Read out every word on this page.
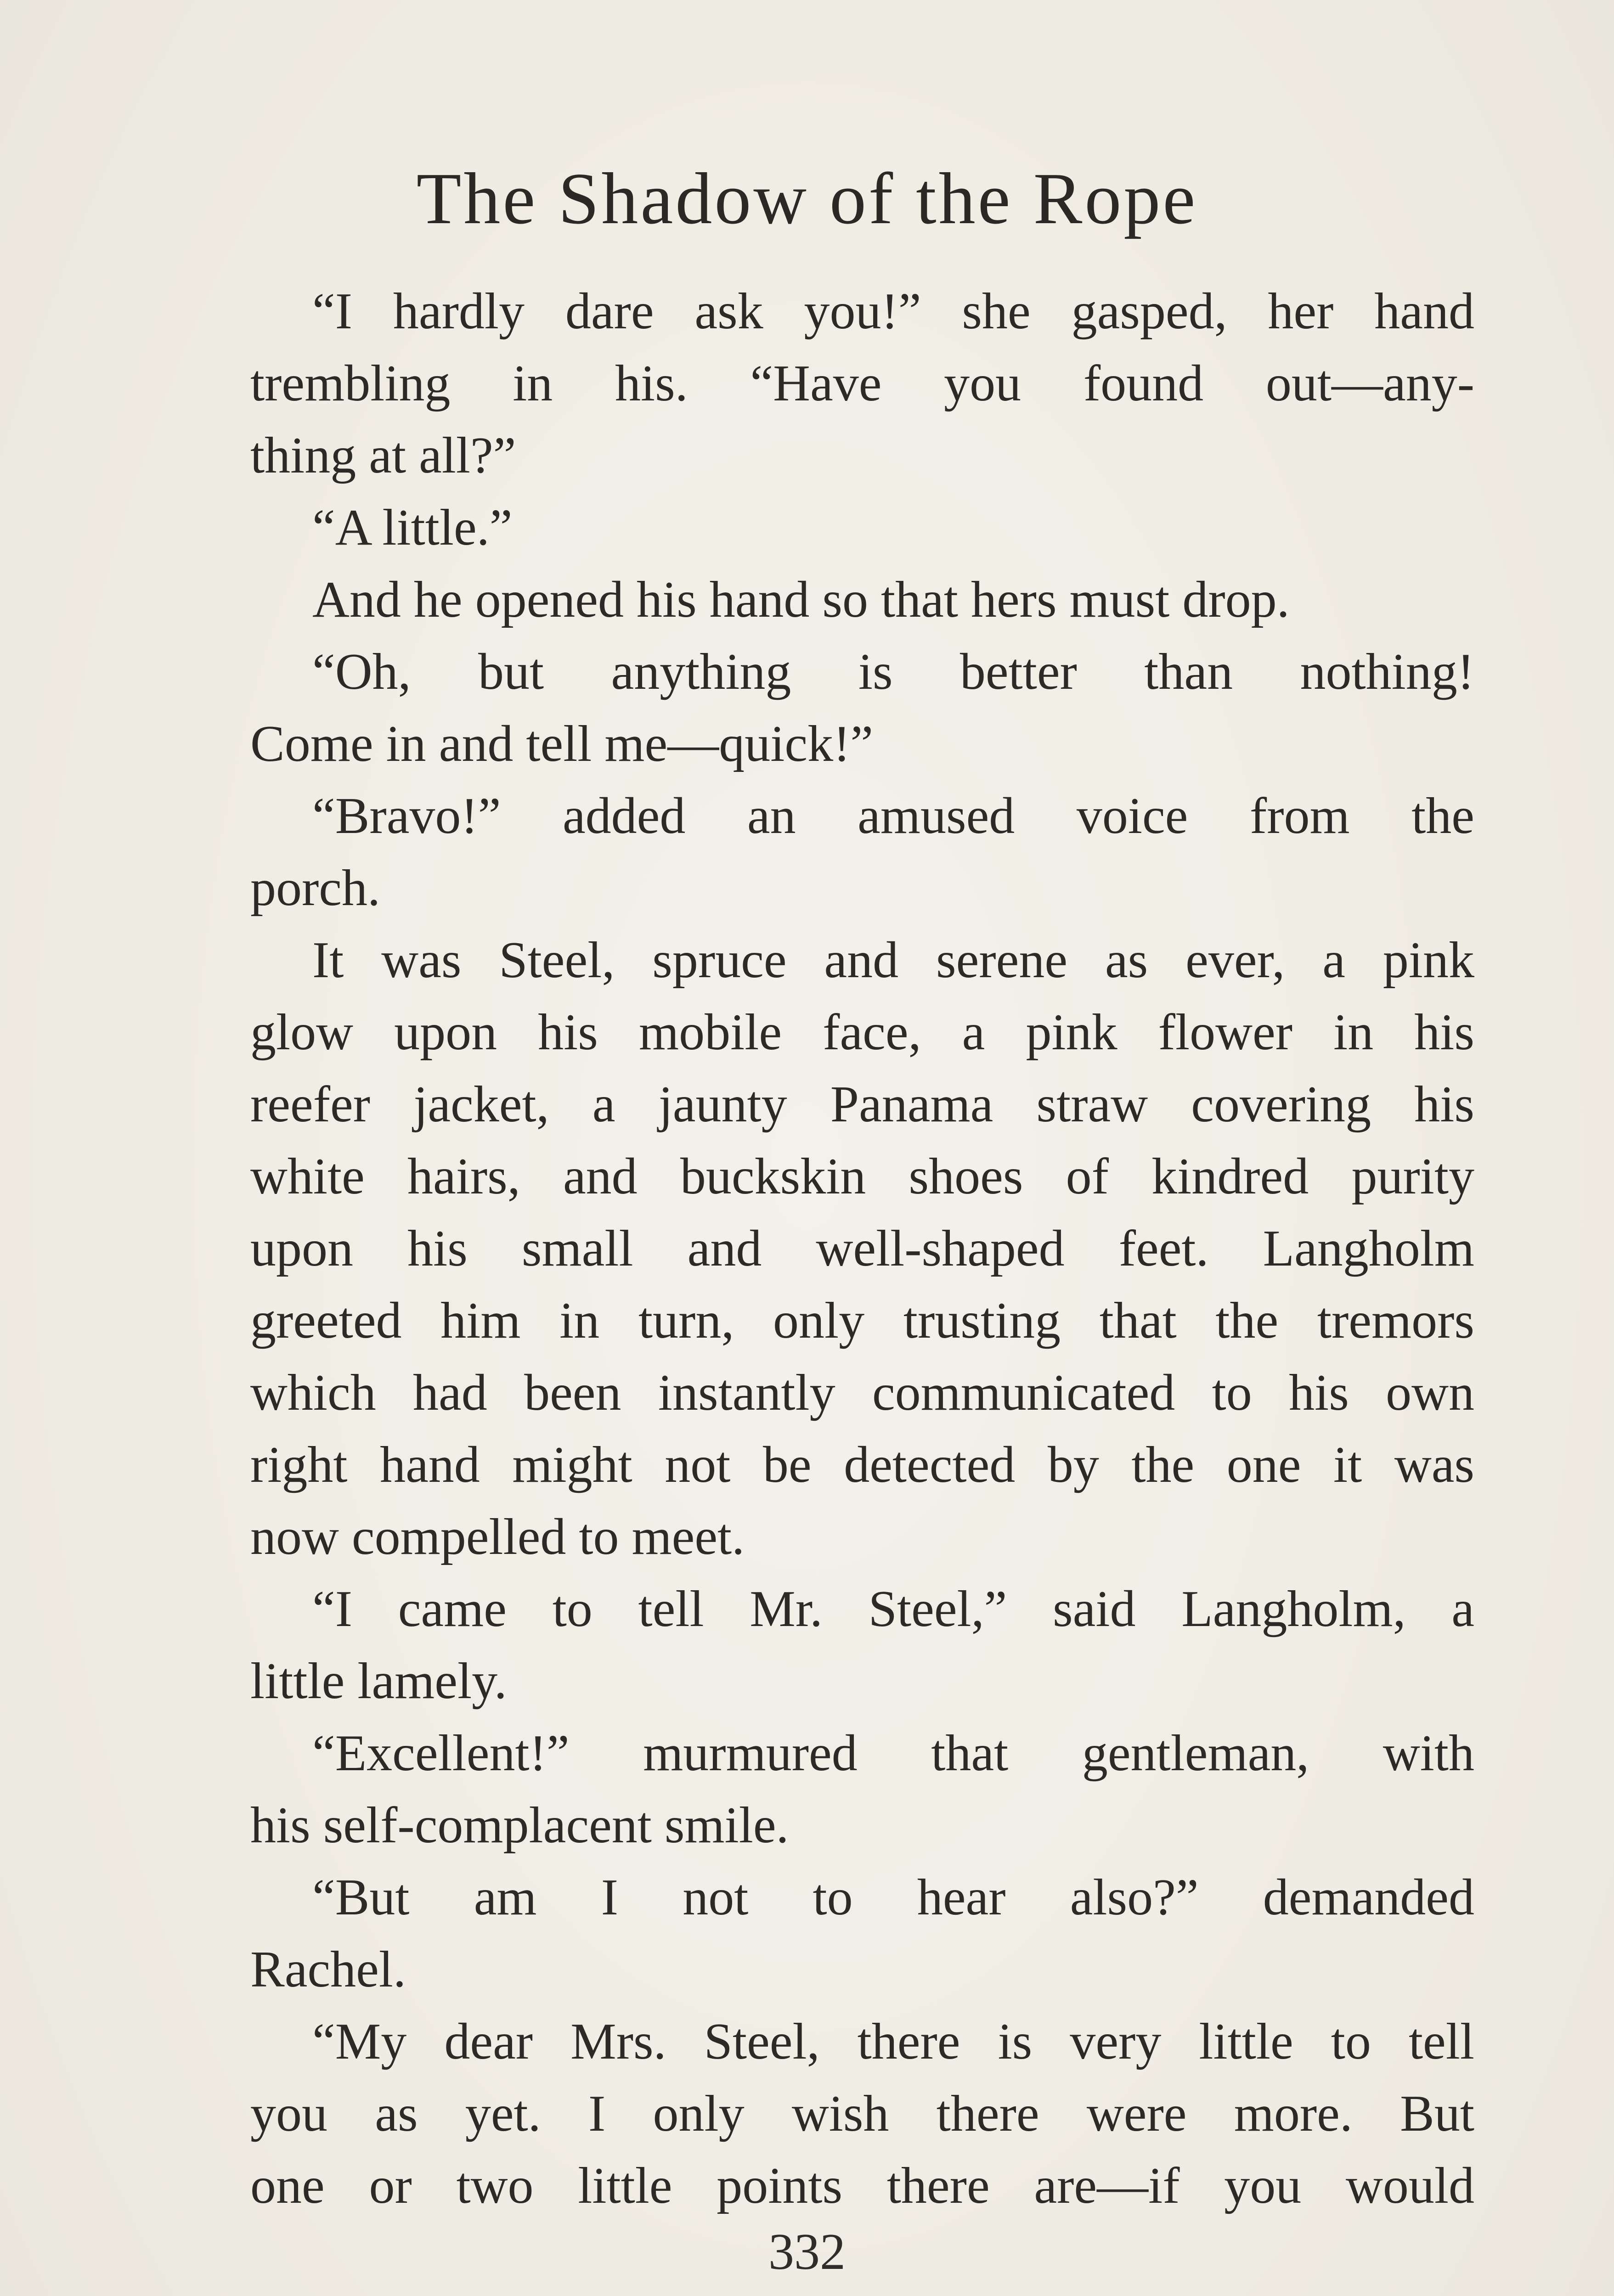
The Shadow of the Rope
“I hardly dare ask you!” she gasped, her hand
trembling in his. “Have you found out—any-
thing at all?”
“A little.”
And he opened his hand so that hers must drop.
“Oh, but anything is better than nothing!
Come in and tell me—quick!”
“Bravo!” added an amused voice from the
porch.
It was Steel, spruce and serene as ever, a pink
glow upon his mobile face, a pink flower in his
reefer jacket, a jaunty Panama straw covering his
white hairs, and buckskin shoes of kindred purity
upon his small and well-shaped feet. Langholm
greeted him in turn, only trusting that the tremors
which had been instantly communicated to his own
right hand might not be detected by the one it was
now compelled to meet.
“I came to tell Mr. Steel,” said Langholm, a
little lamely.
“Excellent!” murmured that gentleman, with
his self-complacent smile.
“But am I not to hear also?” demanded
Rachel.
“My dear Mrs. Steel, there is very little to tell
you as yet. I only wish there were more. But
one or two little points there are—if you would
332
